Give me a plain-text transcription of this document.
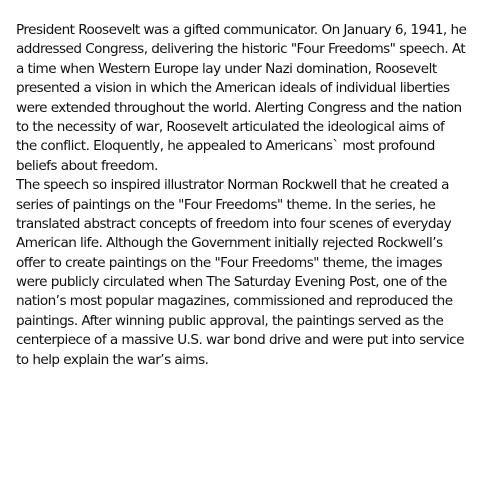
President Roosevelt was a gifted communicator. On January 6, 1941, he
addressed Congress, delivering the historic "Four Freedoms" speech. At
a time when Western Europe lay under Nazi domination, Roosevelt
presented a vision in which the American ideals of individual liberties
were extended throughout the world. Alerting Congress and the nation
to the necessity of war, Roosevelt articulated the ideological aims of
the conflict. Eloquently, he appealed to Americans` most profound
beliefs about freedom.
The speech so inspired illustrator Norman Rockwell that he created a
series of paintings on the "Four Freedoms" theme. In the series, he
translated abstract concepts of freedom into four scenes of everyday
American life. Although the Government initially rejected Rockwell’s
offer to create paintings on the "Four Freedoms" theme, the images
were publicly circulated when The Saturday Evening Post, one of the
nation’s most popular magazines, commissioned and reproduced the
paintings. After winning public approval, the paintings served as the
centerpiece of a massive U.S. war bond drive and were put into service
to help explain the war’s aims.
